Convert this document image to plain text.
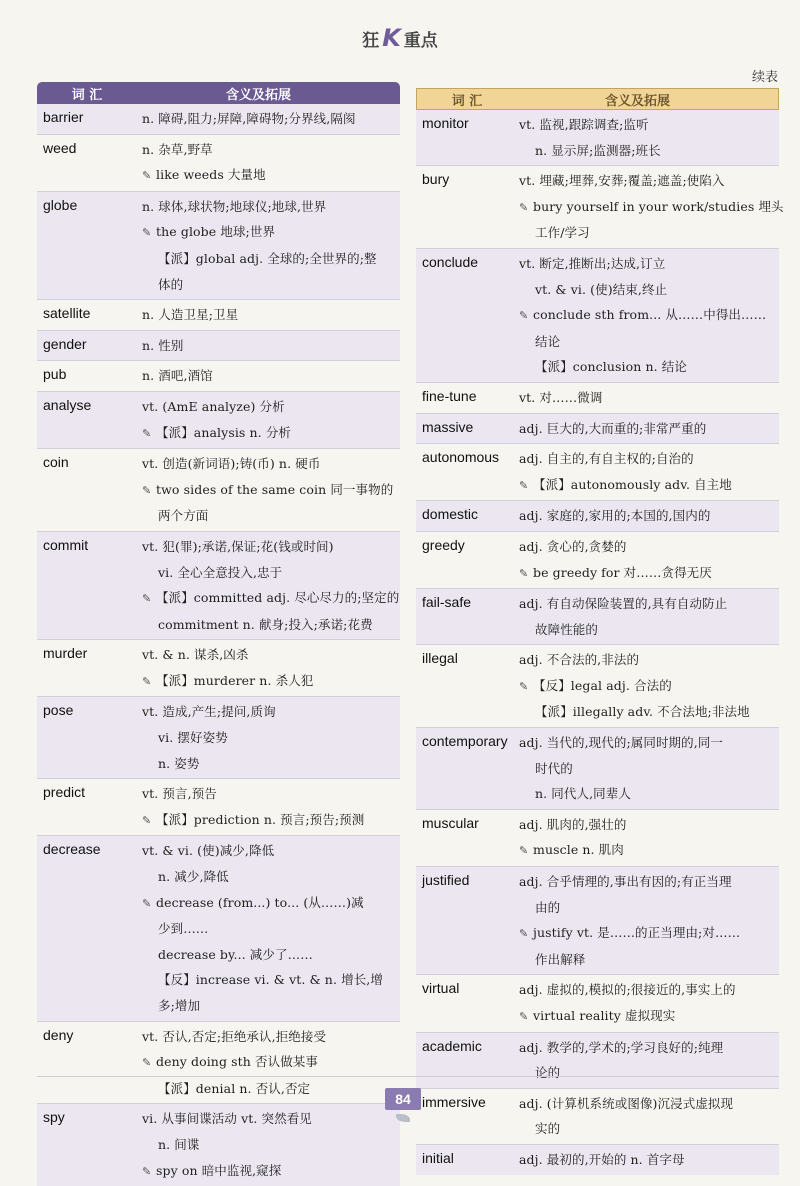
狂 K 重点
续表
词 汇	含义及拓展
barrier	n. 障碍,阻力;屏障,障碍物;分界线,隔阂
weed	n. 杂草,野草
✎ like weeds 大量地
globe	n. 球体,球状物;地球仪;地球,世界
✎ the globe 地球;世界
【派】global adj. 全球的;全世界的;整
体的
satellite	n. 人造卫星;卫星
gender	n. 性别
pub	n. 酒吧,酒馆
analyse	vt. (AmE analyze) 分析
✎ 【派】analysis n. 分析
coin	vt. 创造(新词语);铸(币) n. 硬币
✎ two sides of the same coin 同一事物的
两个方面
commit	vt. 犯(罪);承诺,保证;花(钱或时间)
vi. 全心全意投入,忠于
✎ 【派】committed adj. 尽心尽力的;坚定的
commitment n. 献身;投入;承诺;花费
murder	vt. & n. 谋杀,凶杀
✎ 【派】murderer n. 杀人犯
pose	vt. 造成,产生;提问,质询
vi. 摆好姿势
n. 姿势
predict	vt. 预言,预告
✎ 【派】prediction n. 预言;预告;预测
decrease	vt. & vi. (使)减少,降低
n. 减少,降低
✎ decrease (from...) to... (从……)减
少到……
decrease by... 减少了……
【反】increase vi. & vt. & n. 增长,增
多;增加
deny	vt. 否认,否定;拒绝承认,拒绝接受
✎ deny doing sth 否认做某事
【派】denial n. 否认,否定
spy	vi. 从事间谍活动 vt. 突然看见
n. 间谍
✎ spy on 暗中监视,窥探
词 汇	含义及拓展
monitor	vt. 监视,跟踪调查;监听
n. 显示屏;监测器;班长
bury	vt. 埋藏;埋葬,安葬;覆盖;遮盖;使陷入
✎ bury yourself in your work/studies 埋头
工作/学习
conclude	vt. 断定,推断出;达成,订立
vt. & vi. (使)结束,终止
✎ conclude sth from... 从……中得出……
结论
【派】conclusion n. 结论
fine-tune	vt. 对……微调
massive	adj. 巨大的,大而重的;非常严重的
autonomous	adj. 自主的,有自主权的;自治的
✎ 【派】autonomously adv. 自主地
domestic	adj. 家庭的,家用的;本国的,国内的
greedy	adj. 贪心的,贪婪的
✎ be greedy for 对……贪得无厌
fail-safe	adj. 有自动保险装置的,具有自动防止
故障性能的
illegal	adj. 不合法的,非法的
✎ 【反】legal adj. 合法的
【派】illegally adv. 不合法地;非法地
contemporary adj. 当代的,现代的;属同时期的,同一
时代的
n. 同代人,同辈人
muscular	adj. 肌肉的,强壮的
✎ muscle n. 肌肉
justified	adj. 合乎情理的,事出有因的;有正当理
由的
✎ justify vt. 是……的正当理由;对……
作出解释
virtual	adj. 虚拟的,模拟的;很接近的,事实上的
✎ virtual reality 虚拟现实
academic	adj. 教学的,学术的;学习良好的;纯理
论的
immersive	adj. (计算机系统或图像)沉浸式虚拟现
实的
initial	adj. 最初的,开始的 n. 首字母
84
